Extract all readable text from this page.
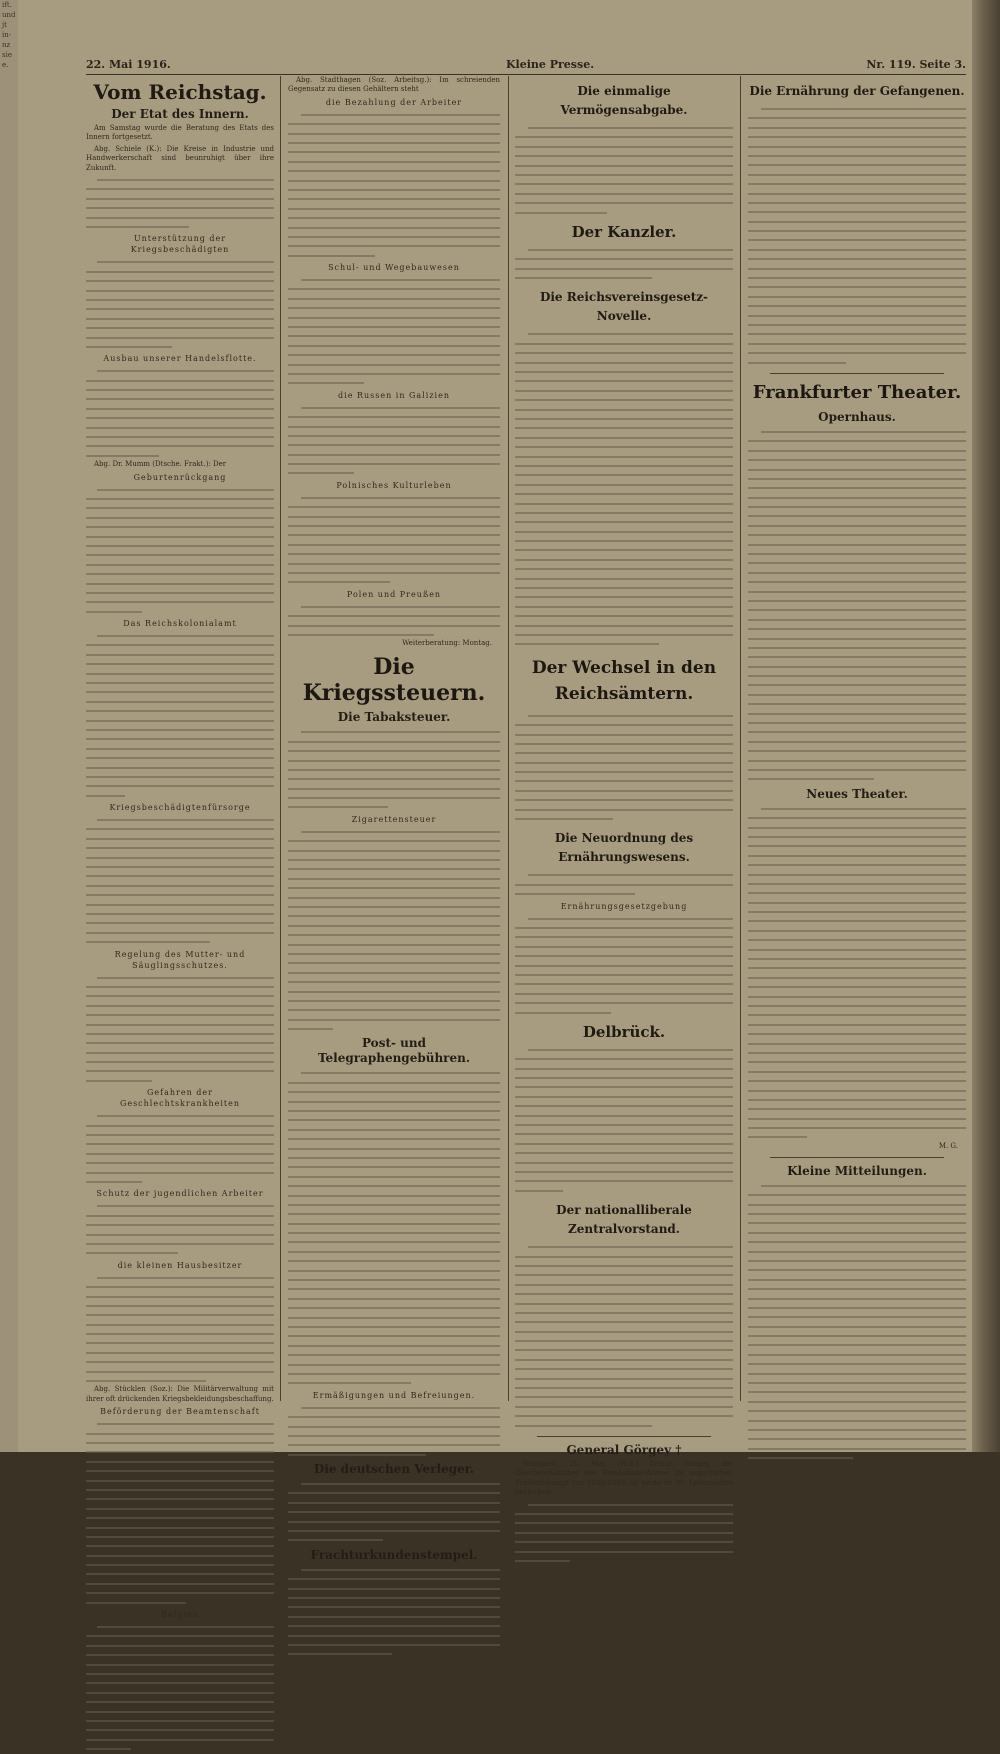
ift.
und
jt
in-
nz
sie
e.	22. Mai 1916.	Kleine Presse.	Nr. 119. Seite 3.
Vom Reichstag.
Der Etat des Innern.
Am Samstag wurde die Beratung des Etats des Innern fortgesetzt.
Abg. Schiele (K.): Die Kreise in Industrie und Handwerkerschaft sind beunruhigt über ihre Zukunft.
Unterstützung der Kriegsbeschädigten
Ausbau unserer Handelsflotte.
Abg. Dr. Mumm (Dtsche. Frakt.): Der
Geburtenrückgang
Das Reichskolonialamt
Kriegsbeschädigtenfürsorge
Regelung des Mutter- und Säuglingsschutzes.
Gefahren der Geschlechtskrankheiten
Schutz der jugendlichen Arbeiter
die kleinen Hausbesitzer
Abg. Stücklen (Soz.): Die Militärverwaltung mit ihrer oft drückenden Kriegsbekleidungsbeschaffung.
Beförderung der Beamtenschaft
Belgien
Abg. Stadthagen (Soz. Arbeitsg.): Im schreienden Gegensatz zu diesen Gehältern steht
die Bezahlung der Arbeiter
Schul- und Wegebauwesen
die Russen in Galizien
Polnisches Kulturleben
Polen und Preußen
Weiterberatung: Montag.
Die Kriegssteuern.
Die Tabaksteuer.
Zigarettensteuer
Post- und Telegraphengebühren.
Ermäßigungen und Befreiungen.
Die deutschen Verleger.
Frachturkundenstempel.
Die einmalige Vermögensabgabe.
Der Kanzler.
Die Reichsvereinsgesetz-Novelle.
Der Wechsel in den Reichsämtern.
Die Neuordnung des Ernährungswesens.
Ernährungsgesetzgebung
Delbrück.
Der nationalliberale Zentralvorstand.
General Görgey †
Budapest, 21. Mai. (W.B.) Arthur Görgey, der Oberbefehlshaber der Revolutions-Armee im ungarischen Freiheitskampf von 1848/1849, ist heute im 99. Lebensjahre gestorben.
Die Ernährung der Gefangenen.
Frankfurter Theater.
Opernhaus.
Neues Theater.
M. G.
Kleine Mitteilungen.
